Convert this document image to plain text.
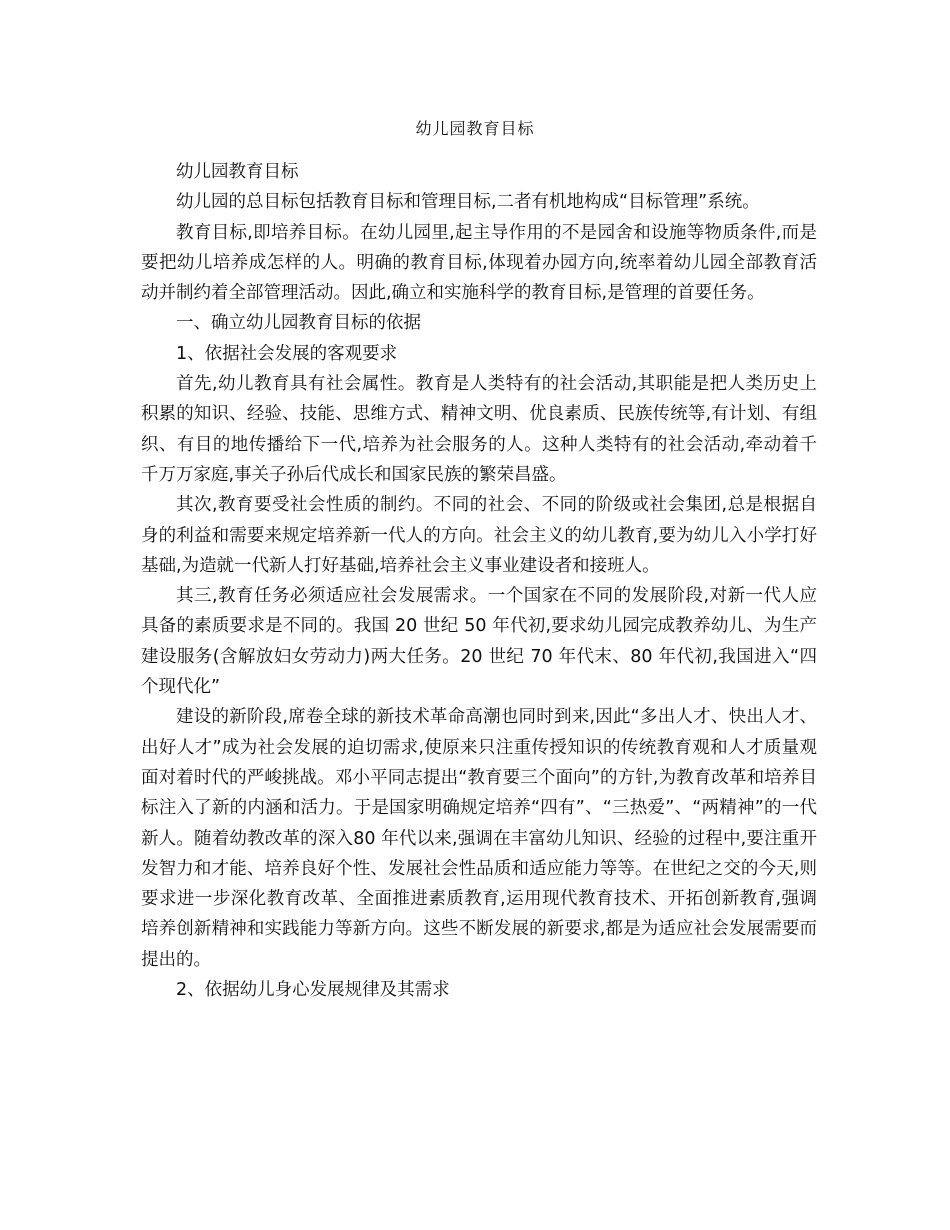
幼儿园教育目标

幼儿园教育目标

幼儿园的总目标包括教育目标和管理目标,二者有机地构成“目标管理”系统。

教育目标,即培养目标。在幼儿园里,起主导作用的不是园舍和设施等物质条件,而是要把幼儿培养成怎样的人。明确的教育目标,体现着办园方向,统率着幼儿园全部教育活动并制约着全部管理活动。因此,确立和实施科学的教育目标,是管理的首要任务。

一、确立幼儿园教育目标的依据

1、依据社会发展的客观要求

首先,幼儿教育具有社会属性。教育是人类特有的社会活动,其职能是把人类历史上积累的知识、经验、技能、思维方式、精神文明、优良素质、民族传统等,有计划、有组织、有目的地传播给下一代,培养为社会服务的人。这种人类特有的社会活动,牵动着千千万万家庭,事关子孙后代成长和国家民族的繁荣昌盛。

其次,教育要受社会性质的制约。不同的社会、不同的阶级或社会集团,总是根据自身的利益和需要来规定培养新一代人的方向。社会主义的幼儿教育,要为幼儿入小学打好基础,为造就一代新人打好基础,培养社会主义事业建设者和接班人。

其三,教育任务必须适应社会发展需求。一个国家在不同的发展阶段,对新一代人应具备的素质要求是不同的。我国 20 世纪 50 年代初,要求幼儿园完成教养幼儿、为生产建设服务(含解放妇女劳动力)两大任务。20 世纪 70 年代末、80 年代初,我国进入“四个现代化”

建设的新阶段,席卷全球的新技术革命高潮也同时到来,因此“多出人才、快出人才、出好人才”成为社会发展的迫切需求,使原来只注重传授知识的传统教育观和人才质量观面对着时代的严峻挑战。邓小平同志提出“教育要三个面向”的方针,为教育改革和培养目标注入了新的内涵和活力。于是国家明确规定培养“四有”、“三热爱”、“两精神”的一代新人。随着幼教改革的深入80 年代以来,强调在丰富幼儿知识、经验的过程中,要注重开发智力和才能、培养良好个性、发展社会性品质和适应能力等等。在世纪之交的今天,则要求进一步深化教育改革、全面推进素质教育,运用现代教育技术、开拓创新教育,强调培养创新精神和实践能力等新方向。这些不断发展的新要求,都是为适应社会发展需要而提出的。

2、依据幼儿身心发展规律及其需求
